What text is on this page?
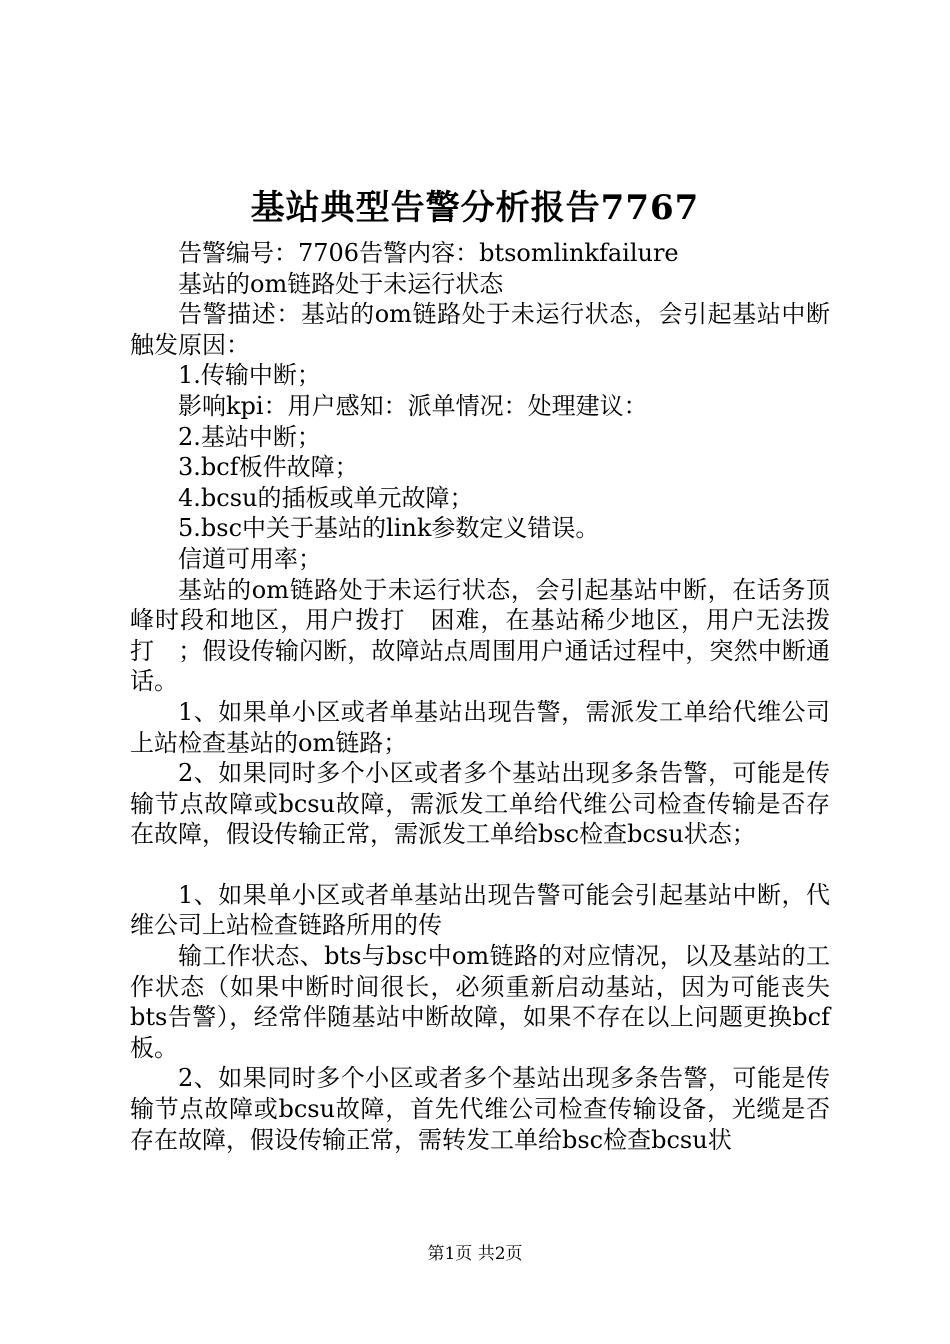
基站典型告警分析报告7767

告警编号：7706告警内容：btsomlinkfailure

基站的om链路处于未运行状态

告警描述：基站的om链路处于未运行状态，会引起基站中断触发原因：

1.传输中断；

影响kpi：用户感知：派单情况：处理建议：

2.基站中断；

3.bcf板件故障；

4.bcsu的插板或单元故障；

5.bsc中关于基站的link参数定义错误。

信道可用率；

基站的om链路处于未运行状态，会引起基站中断，在话务顶峰时段和地区，用户拨打　困难，在基站稀少地区，用户无法拨打　；假设传输闪断，故障站点周围用户通话过程中，突然中断通话。

1、如果单小区或者单基站出现告警，需派发工单给代维公司上站检查基站的om链路；

2、如果同时多个小区或者多个基站出现多条告警，可能是传输节点故障或bcsu故障，需派发工单给代维公司检查传输是否存在故障，假设传输正常，需派发工单给bsc检查bcsu状态；

1、如果单小区或者单基站出现告警可能会引起基站中断，代维公司上站检查链路所用的传

输工作状态、bts与bsc中om链路的对应情况，以及基站的工作状态（如果中断时间很长，必须重新启动基站，因为可能丧失bts告警），经常伴随基站中断故障，如果不存在以上问题更换bcf板。

2、如果同时多个小区或者多个基站出现多条告警，可能是传输节点故障或bcsu故障，首先代维公司检查传输设备，光缆是否存在故障，假设传输正常，需转发工单给bsc检查bcsu状

第1页 共2页
